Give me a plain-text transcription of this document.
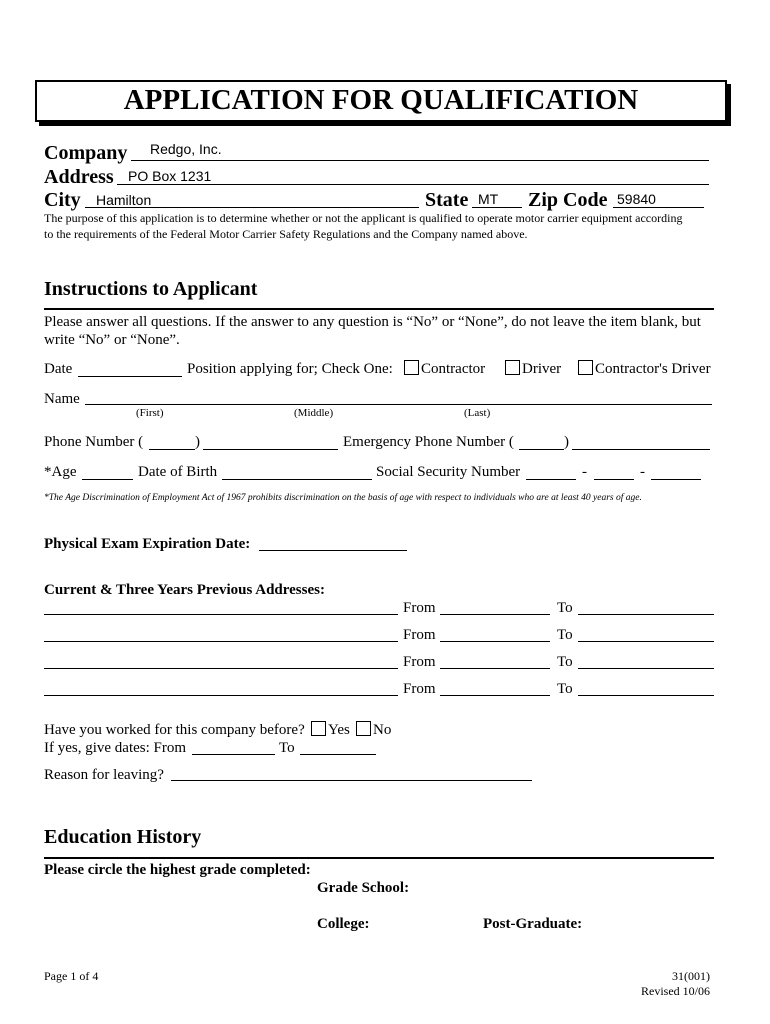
APPLICATION FOR QUALIFICATION
Company Redgo, Inc.
Address PO Box 1231
City Hamilton	State MT Zip Code 59840
The purpose of this application is to determine whether or not the applicant is qualified to operate motor carrier equipment according
to the requirements of the Federal Motor Carrier Safety Regulations and the Company named above.
Instructions to Applicant
Please answer all questions. If the answer to any question is “No” or “None”, do not leave the item blank, but
write “No” or “None”.
Date	Position applying for; Check One: Contractor Driver Contractor's Driver
Name
(First)	(Middle)	(Last)
Phone Number (	)	Emergency Phone Number (	)
*Age	Date of Birth	Social Security Number	-	-
*The Age Discrimination of Employment Act of 1967 prohibits discrimination on the basis of age with respect to individuals who are at least 40 years of age.
Physical Exam Expiration Date:
Current & Three Years Previous Addresses:
From	To
From	To
From	To
From	To
Have you worked for this company before? Yes No
If yes, give dates: From	To
Reason for leaving?
Education History
Please circle the highest grade completed:
Grade School:
College:	Post-Graduate:
Page 1 of 4	31(001)
Revised 10/06
